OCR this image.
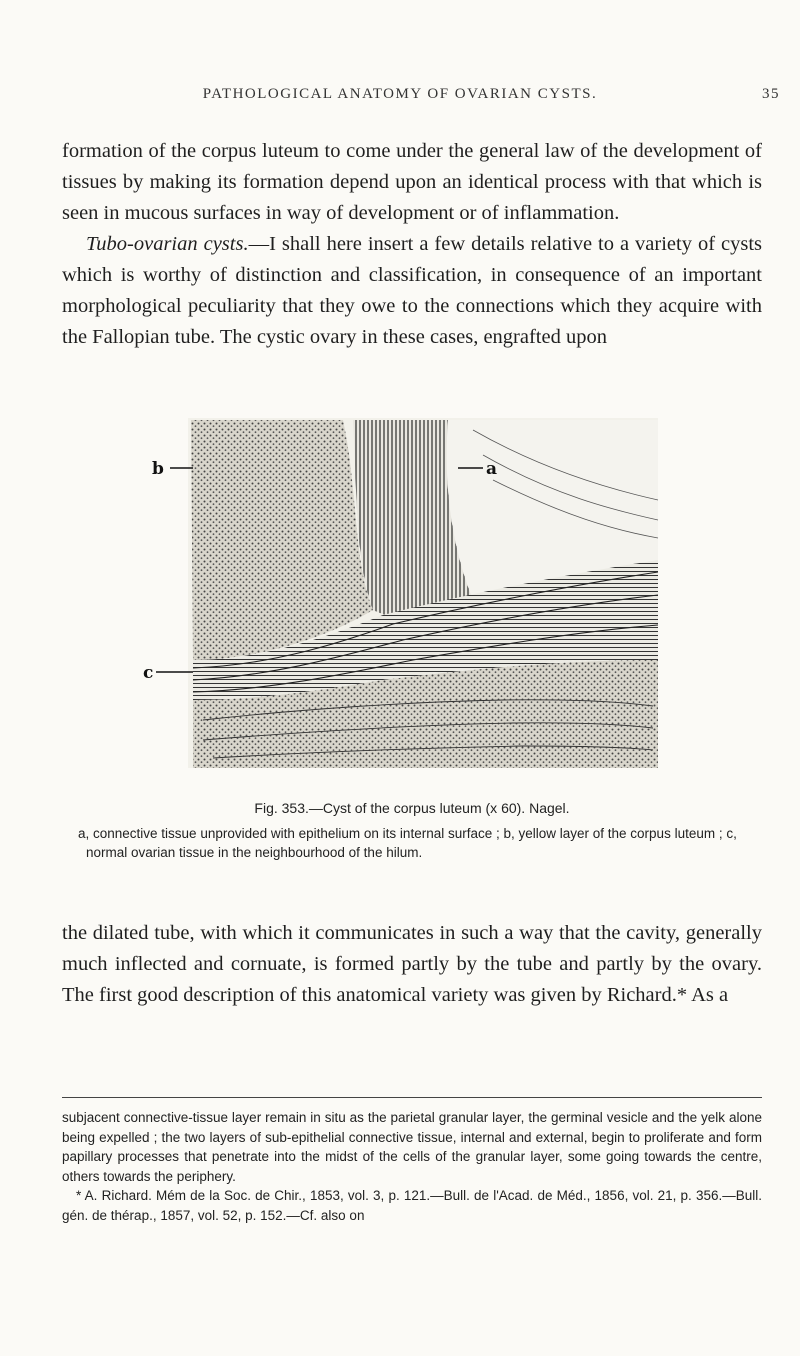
PATHOLOGICAL ANATOMY OF OVARIAN CYSTS.	35

formation of the corpus luteum to come under the general law of the development of tissues by making its formation depend upon an identical process with that which is seen in mucous surfaces in way of development or of inflammation.

Tubo-ovarian cysts.—I shall here insert a few details relative to a variety of cysts which is worthy of distinction and classification, in consequence of an important morphological peculiarity that they owe to the connections which they acquire with the Fallopian tube. The cystic ovary in these cases, engrafted upon

b	a
c
Fig. 353.—Cyst of the corpus luteum (x 60). Nagel.
a, connective tissue unprovided with epithelium on its internal surface ; b, yellow layer of the corpus luteum ; c, normal ovarian tissue in the neighbourhood of the hilum.

the dilated tube, with which it communicates in such a way that the cavity, generally much inflected and cornuate, is formed partly by the tube and partly by the ovary. The first good description of this anatomical variety was given by Richard.* As a

subjacent connective-tissue layer remain in situ as the parietal granular layer, the germinal vesicle and the yelk alone being expelled ; the two layers of sub-epithelial connective tissue, internal and external, begin to proliferate and form papillary processes that penetrate into the midst of the cells of the granular layer, some going towards the centre, others towards the periphery.

* A. Richard. Mém de la Soc. de Chir., 1853, vol. 3, p. 121.—Bull. de l'Acad. de Méd., 1856, vol. 21, p. 356.—Bull. gén. de thérap., 1857, vol. 52, p. 152.—Cf. also on
